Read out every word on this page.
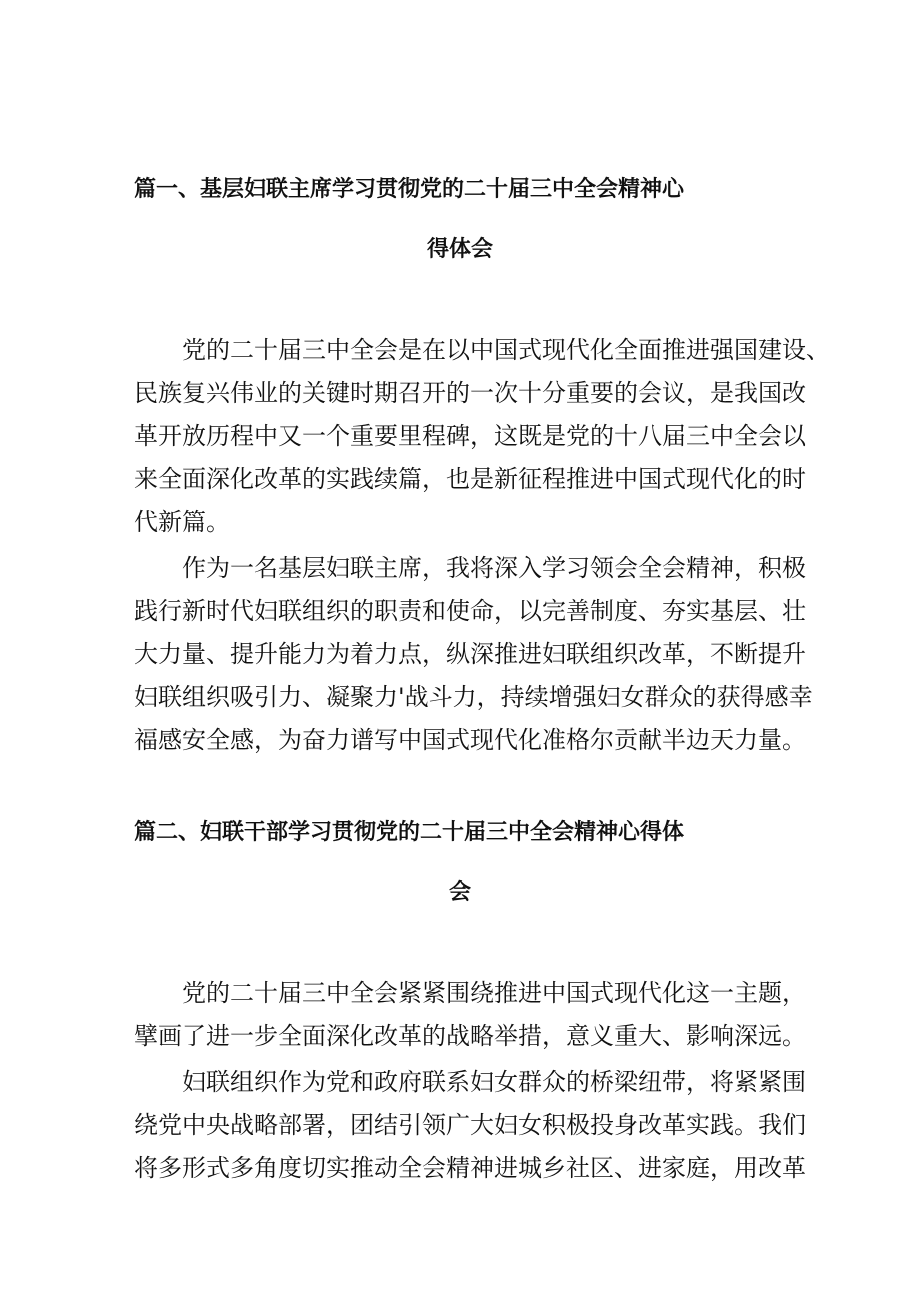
篇一、基层妇联主席学习贯彻党的二十届三中全会精神心
得体会

党的二十届三中全会是在以中国式现代化全面推进强国建设、

民族复兴伟业的关键时期召开的一次十分重要的会议，是我国改

革开放历程中又一个重要里程碑，这既是党的十八届三中全会以

来全面深化改革的实践续篇，也是新征程推进中国式现代化的时

代新篇。

作为一名基层妇联主席，我将深入学习领会全会精神，积极

践行新时代妇联组织的职责和使命，以完善制度、夯实基层、壮

大力量、提升能力为着力点，纵深推进妇联组织改革，不断提升

妇联组织吸引力、凝聚力'战斗力，持续增强妇女群众的获得感幸

福感安全感，为奋力谱写中国式现代化准格尔贡献半边天力量。

篇二、妇联干部学习贯彻党的二十届三中全会精神心得体
会

党的二十届三中全会紧紧围绕推进中国式现代化这一主题，

擘画了进一步全面深化改革的战略举措，意义重大、影响深远。

妇联组织作为党和政府联系妇女群众的桥梁纽带，将紧紧围

绕党中央战略部署，团结引领广大妇女积极投身改革实践。我们

将多形式多角度切实推动全会精神进城乡社区、进家庭，用改革
